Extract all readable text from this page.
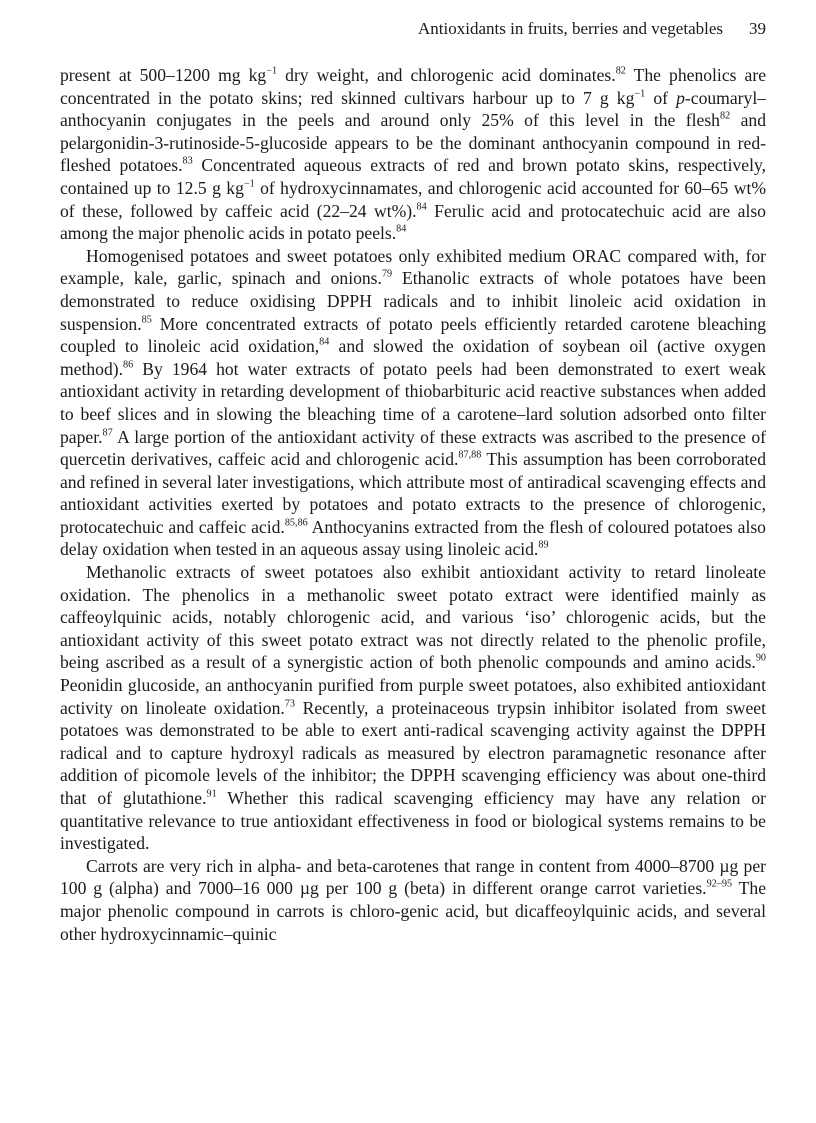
Antioxidants in fruits, berries and vegetables 39

present at 500–1200 mg $kg^{-1}$ dry weight, and chlorogenic acid dominates.$^{82}$ The phenolics are concentrated in the potato skins; red skinned cultivars harbour up to 7 g $kg^{-1}$ of p-coumaryl–anthocyanin conjugates in the peels and around only 25% of this level in the flesh$^{82}$ and pelargonidin-3-rutinoside-5-glucoside appears to be the dominant anthocyanin compound in red-fleshed potatoes.$^{83}$ Concentrated aqueous extracts of red and brown potato skins, respectively, contained up to 12.5 g $kg^{-1}$ of hydroxycinnamates, and chlorogenic acid accounted for 60–65 wt% of these, followed by caffeic acid (22–24 wt%).$^{84}$ Ferulic acid and protocatechuic acid are also among the major phenolic acids in potato peels.$^{84}$

Homogenised potatoes and sweet potatoes only exhibited medium ORAC compared with, for example, kale, garlic, spinach and onions.$^{79}$ Ethanolic extracts of whole potatoes have been demonstrated to reduce oxidising DPPH radicals and to inhibit linoleic acid oxidation in suspension.$^{85}$ More concentrated extracts of potato peels efficiently retarded carotene bleaching coupled to linoleic acid oxidation,$^{84}$ and slowed the oxidation of soybean oil (active oxygen method).$^{86}$ By 1964 hot water extracts of potato peels had been demonstrated to exert weak antioxidant activity in retarding development of thiobarbituric acid reactive substances when added to beef slices and in slowing the bleaching time of a carotene–lard solution adsorbed onto filter paper.$^{87}$ A large portion of the antioxidant activity of these extracts was ascribed to the presence of quercetin derivatives, caffeic acid and chlorogenic acid.$^{87,88}$ This assumption has been corroborated and refined in several later investigations, which attribute most of antiradical scavenging effects and antioxidant activities exerted by potatoes and potato extracts to the presence of chlorogenic, protocatechuic and caffeic acid.$^{85,86}$ Anthocyanins extracted from the flesh of coloured potatoes also delay oxidation when tested in an aqueous assay using linoleic acid.$^{89}$

Methanolic extracts of sweet potatoes also exhibit antioxidant activity to retard linoleate oxidation. The phenolics in a methanolic sweet potato extract were identified mainly as caffeoylquinic acids, notably chlorogenic acid, and various ‘iso’ chlorogenic acids, but the antioxidant activity of this sweet potato extract was not directly related to the phenolic profile, being ascribed as a result of a synergistic action of both phenolic compounds and amino acids.$^{90}$ Peonidin glucoside, an anthocyanin purified from purple sweet potatoes, also exhibited antioxidant activity on linoleate oxidation.$^{73}$ Recently, a proteinaceous trypsin inhibitor isolated from sweet potatoes was demonstrated to be able to exert anti-radical scavenging activity against the DPPH radical and to capture hydroxyl radicals as measured by electron paramagnetic resonance after addition of picomole levels of the inhibitor; the DPPH scavenging efficiency was about one-third that of glutathione.$^{91}$ Whether this radical scavenging efficiency may have any relation or quantitative relevance to true antioxidant effectiveness in food or biological systems remains to be investigated.

Carrots are very rich in alpha- and beta-carotenes that range in content from 4000–8700 µg per 100 g (alpha) and 7000–16 000 µg per 100 g (beta) in different orange carrot varieties.$^{92-95}$ The major phenolic compound in carrots is chloro-genic acid, but dicaffeoylquinic acids, and several other hydroxycinnamic–quinic
